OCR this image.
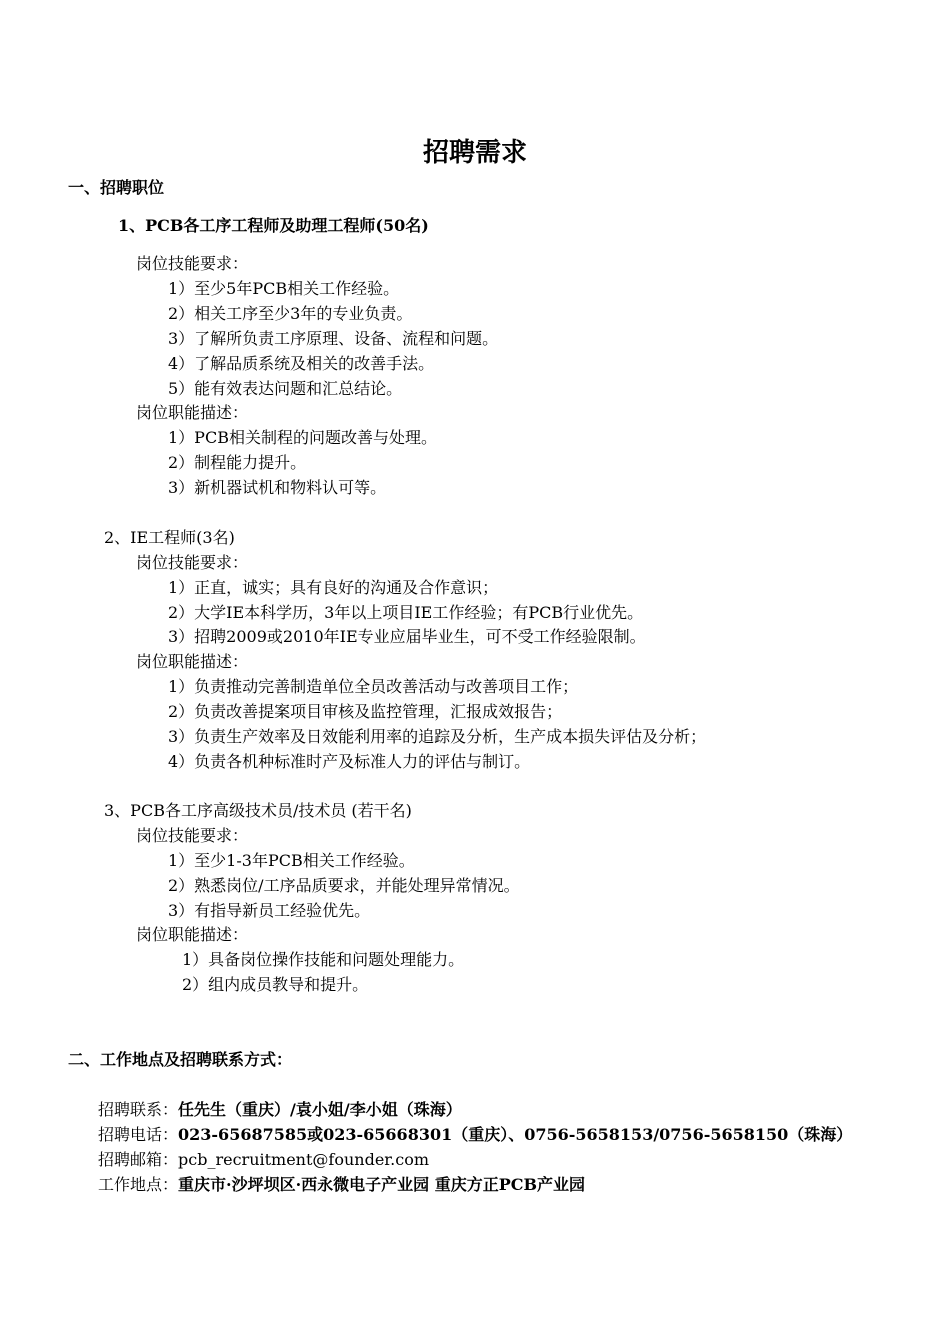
招聘需求
一、招聘职位
1、PCB各工序工程师及助理工程师(50名)
岗位技能要求：
1）至少5年PCB相关工作经验。
2）相关工序至少3年的专业负责。
3）了解所负责工序原理、设备、流程和问题。
4）了解品质系统及相关的改善手法。
5）能有效表达问题和汇总结论。
岗位职能描述：
1）PCB相关制程的问题改善与处理。
2）制程能力提升。
3）新机器试机和物料认可等。
2、IE工程师(3名)
岗位技能要求：
1）正直，诚实；具有良好的沟通及合作意识；
2）大学IE本科学历，3年以上项目IE工作经验；有PCB行业优先。
3）招聘2009或2010年IE专业应届毕业生，可不受工作经验限制。
岗位职能描述：
1）负责推动完善制造单位全员改善活动与改善项目工作；
2）负责改善提案项目审核及监控管理，汇报成效报告；
3）负责生产效率及日效能利用率的追踪及分析，生产成本损失评估及分析；
4）负责各机种标准时产及标准人力的评估与制订。
3、PCB各工序高级技术员/技术员 (若干名)
岗位技能要求：
1）至少1-3年PCB相关工作经验。
2）熟悉岗位/工序品质要求，并能处理异常情况。
3）有指导新员工经验优先。
岗位职能描述：
1）具备岗位操作技能和问题处理能力。
2）组内成员教导和提升。
二、工作地点及招聘联系方式：
招聘联系：任先生（重庆）/袁小姐/李小姐（珠海）
招聘电话：023-65687585或023-65668301（重庆）、0756-5658153/0756-5658150（珠海）
招聘邮箱：pcb_recruitment@founder.com
工作地点：重庆市·沙坪坝区·西永微电子产业园 重庆方正PCB产业园
